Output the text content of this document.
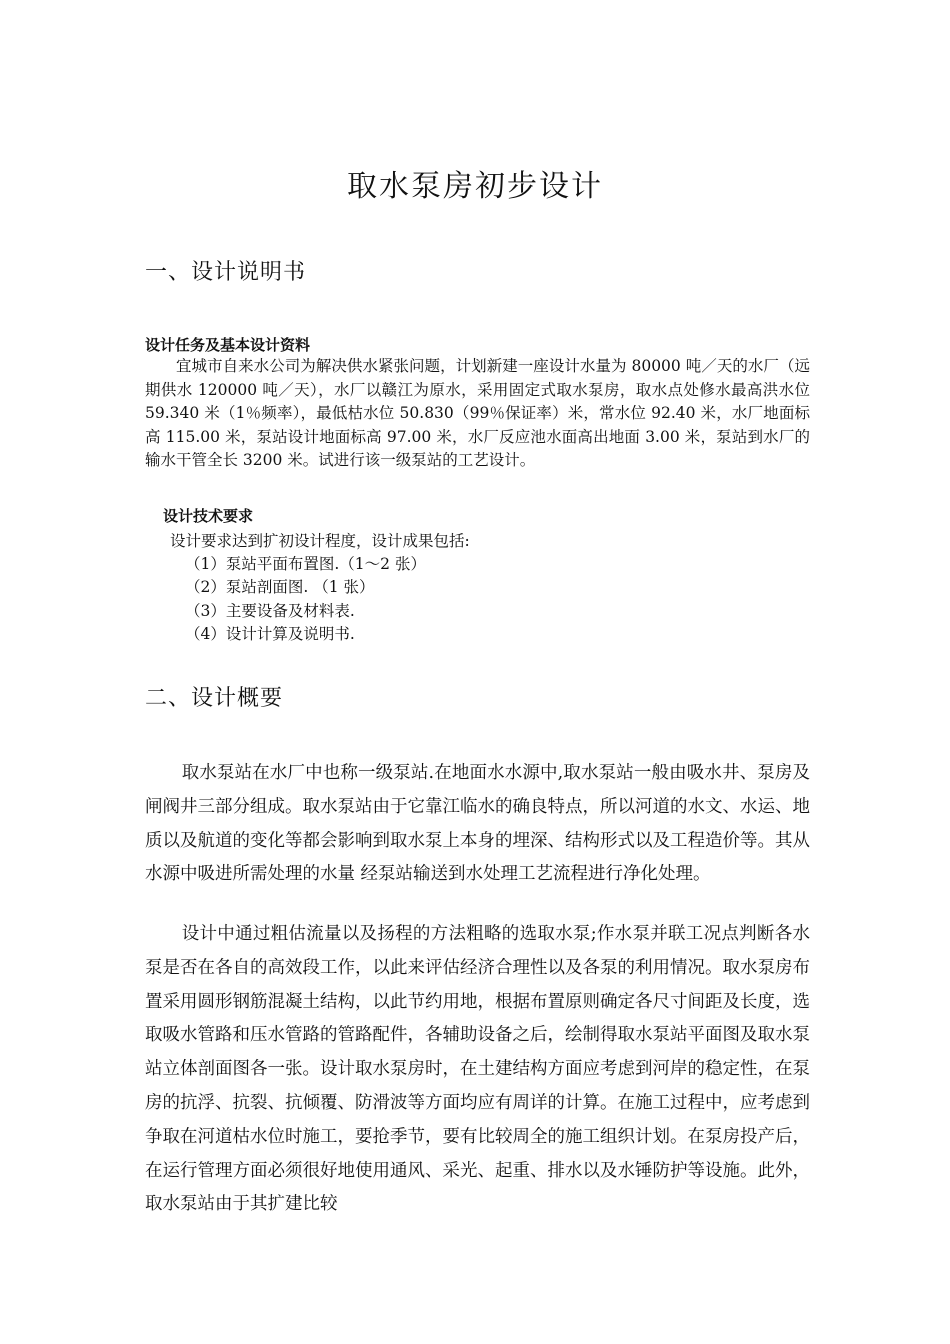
取水泵房初步设计
一、设计说明书
设计任务及基本设计资料

宜城市自来水公司为解决供水紧张问题，计划新建一座设计水量为 80000 吨／天的水厂（远期供水 120000 吨／天），水厂以赣江为原水，采用固定式取水泵房，取水点处修水最高洪水位 59.340 米（1％频率），最低枯水位 50.830（99％保证率）米，常水位 92.40 米，水厂地面标高 115.00 米，泵站设计地面标高 97.00 米，水厂反应池水面高出地面 3.00 米，泵站到水厂的输水干管全长 3200 米。试进行该一级泵站的工艺设计。

设计技术要求

设计要求达到扩初设计程度，设计成果包括:

（1）泵站平面布置图.（1～2 张）
（2）泵站剖面图. （1 张）
（3）主要设备及材料表.
（4）设计计算及说明书.
二、设计概要

取水泵站在水厂中也称一级泵站.在地面水水源中,取水泵站一般由吸水井、泵房及闸阀井三部分组成。取水泵站由于它靠江临水的确良特点，所以河道的水文、水运、地质以及航道的变化等都会影响到取水泵上本身的埋深、结构形式以及工程造价等。其从水源中吸进所需处理的水量 经泵站输送到水处理工艺流程进行净化处理。

设计中通过粗估流量以及扬程的方法粗略的选取水泵;作水泵并联工况点判断各水泵是否在各自的高效段工作，以此来评估经济合理性以及各泵的利用情况。取水泵房布置采用圆形钢筋混凝土结构，以此节约用地，根据布置原则确定各尺寸间距及长度，选取吸水管路和压水管路的管路配件，各辅助设备之后，绘制得取水泵站平面图及取水泵站立体剖面图各一张。设计取水泵房时，在土建结构方面应考虑到河岸的稳定性，在泵房的抗浮、抗裂、抗倾覆、防滑波等方面均应有周详的计算。在施工过程中，应考虑到争取在河道枯水位时施工，要抢季节，要有比较周全的施工组织计划。在泵房投产后，在运行管理方面必须很好地使用通风、采光、起重、排水以及水锤防护等设施。此外，取水泵站由于其扩建比较
